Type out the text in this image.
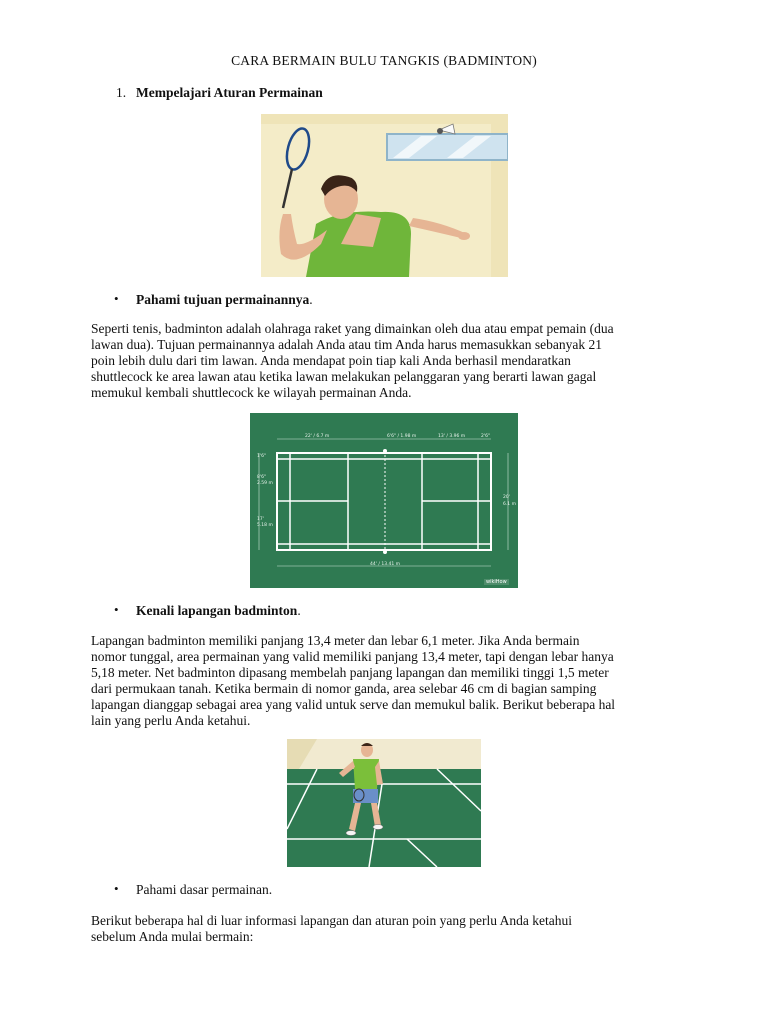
CARA BERMAIN BULU TANGKIS (BADMINTON)
1. Mempelajari Aturan Permainan
• Pahami tujuan permainannya.
Seperti tenis, badminton adalah olahraga raket yang dimainkan oleh dua atau empat pemain (dua
lawan dua). Tujuan permainannya adalah Anda atau tim Anda harus memasukkan sebanyak 21
poin lebih dulu dari tim lawan. Anda mendapat poin tiap kali Anda berhasil mendaratkan
shuttlecock ke area lawan atau ketika lawan melakukan pelanggaran yang berarti lawan gagal
memukul kembali shuttlecock ke wilayah permainan Anda.
22' / 6.7 m	6'6" / 1.98 m	13' / 3.96 m	2'6"
1'6"
8'6"
2.59 m
17'
5.18 m
20'
6.1 m
44' / 13.41 m
wikiHow
• Kenali lapangan badminton.
Lapangan badminton memiliki panjang 13,4 meter dan lebar 6,1 meter. Jika Anda bermain
nomor tunggal, area permainan yang valid memiliki panjang 13,4 meter, tapi dengan lebar hanya
5,18 meter. Net badminton dipasang membelah panjang lapangan dan memiliki tinggi 1,5 meter
dari permukaan tanah. Ketika bermain di nomor ganda, area selebar 46 cm di bagian samping
lapangan dianggap sebagai area yang valid untuk serve dan memukul balik. Berikut beberapa hal
lain yang perlu Anda ketahui.
• Pahami dasar permainan.
Berikut beberapa hal di luar informasi lapangan dan aturan poin yang perlu Anda ketahui
sebelum Anda mulai bermain:
